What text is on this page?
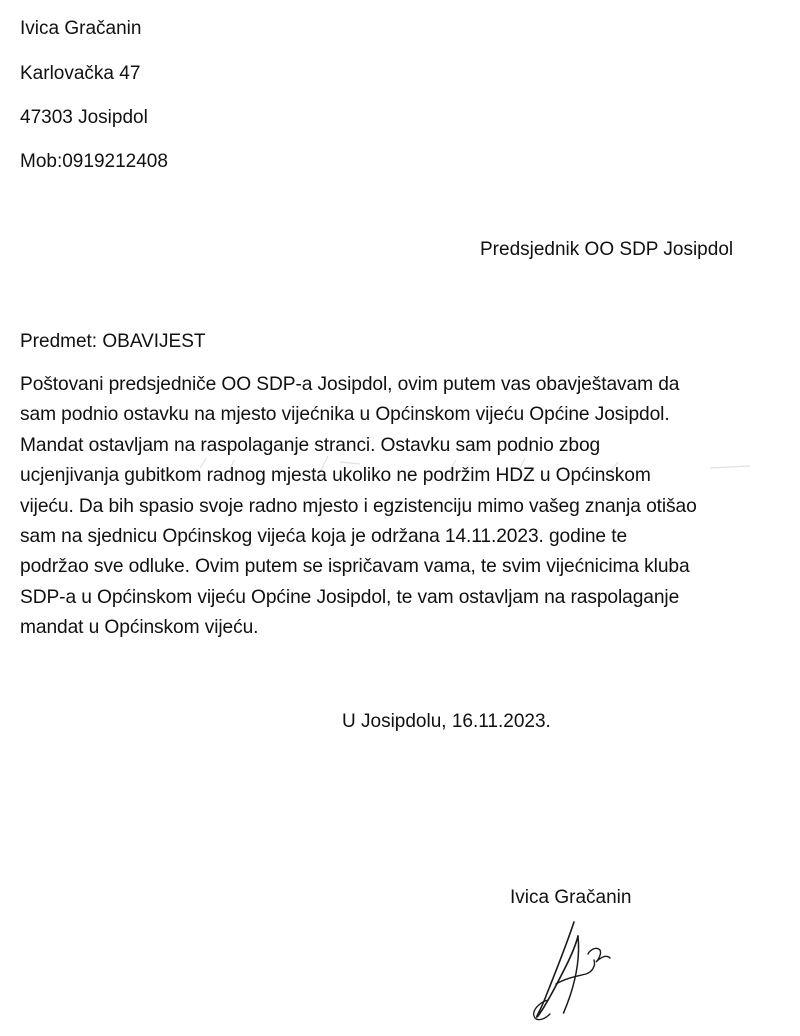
Ivica Gračanin
Karlovačka 47
47303 Josipdol
Mob:0919212408
Predsjednik OO SDP Josipdol
Predmet: OBAVIJEST
Poštovani predsjedniče OO SDP-a Josipdol, ovim putem vas obavještavam da
sam podnio ostavku na mjesto vijećnika u Općinskom vijeću Općine Josipdol.
Mandat ostavljam na raspolaganje stranci. Ostavku sam podnio zbog
ucjenjivanja gubitkom radnog mjesta ukoliko ne podržim HDZ u Općinskom
vijeću. Da bih spasio svoje radno mjesto i egzistenciju mimo vašeg znanja otišao
sam na sjednicu Općinskog vijeća koja je održana 14.11.2023. godine te
podržao sve odluke. Ovim putem se ispričavam vama, te svim vijećnicima kluba
SDP-a u Općinskom vijeću Općine Josipdol, te vam ostavljam na raspolaganje
mandat u Općinskom vijeću.
U Josipdolu, 16.11.2023.
Ivica Gračanin
